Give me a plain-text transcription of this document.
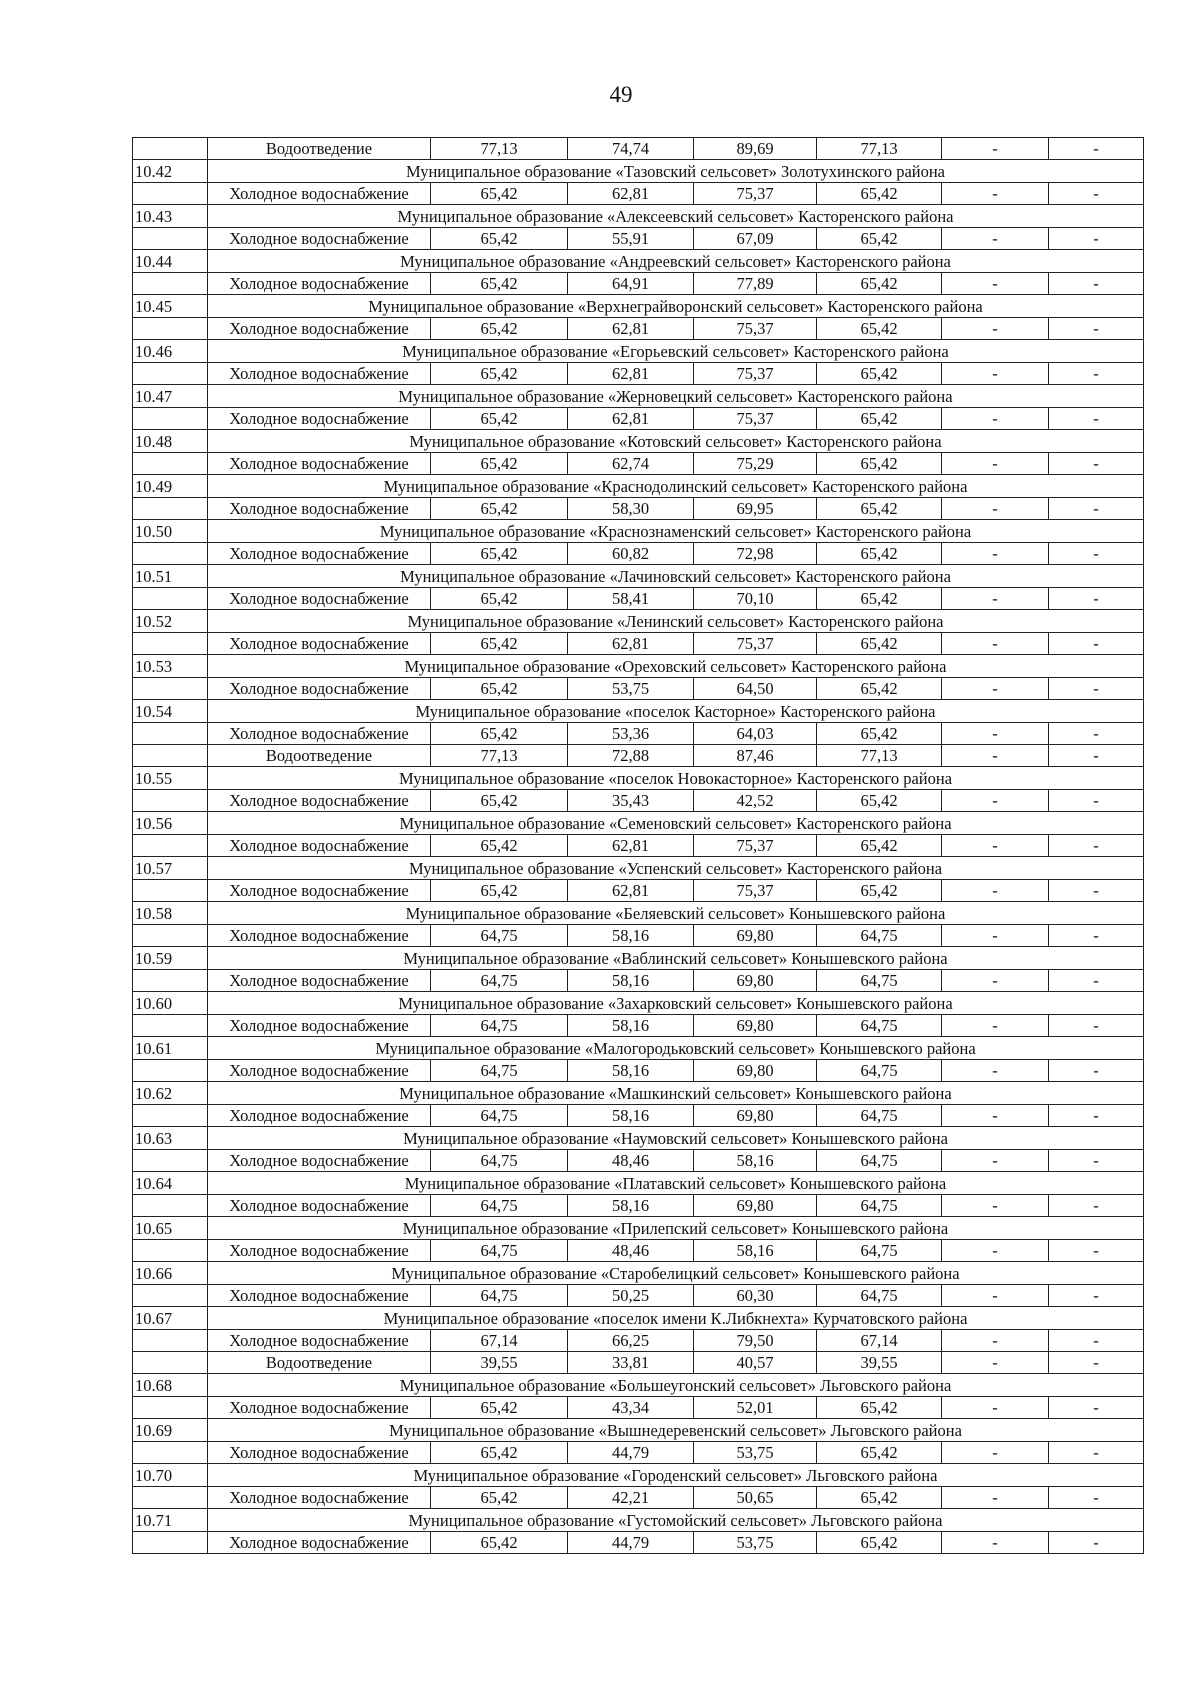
49
	Водоотведение	77,13	74,74	89,69	77,13	-	-
10.42	Муниципальное образование «Тазовский сельсовет» Золотухинского района						
	Холодное водоснабжение	65,42	62,81	75,37	65,42	-	-
10.43	Муниципальное образование «Алексеевский сельсовет» Касторенского района						
	Холодное водоснабжение	65,42	55,91	67,09	65,42	-	-
10.44	Муниципальное образование «Андреевский сельсовет» Касторенского района						
	Холодное водоснабжение	65,42	64,91	77,89	65,42	-	-
10.45	Муниципальное образование «Верхнеграйворонский сельсовет» Касторенского района						
	Холодное водоснабжение	65,42	62,81	75,37	65,42	-	-
10.46	Муниципальное образование «Егорьевский сельсовет» Касторенского района						
	Холодное водоснабжение	65,42	62,81	75,37	65,42	-	-
10.47	Муниципальное образование «Жерновецкий сельсовет» Касторенского района						
	Холодное водоснабжение	65,42	62,81	75,37	65,42	-	-
10.48	Муниципальное образование «Котовский сельсовет» Касторенского района						
	Холодное водоснабжение	65,42	62,74	75,29	65,42	-	-
10.49	Муниципальное образование «Краснодолинский сельсовет» Касторенского района						
	Холодное водоснабжение	65,42	58,30	69,95	65,42	-	-
10.50	Муниципальное образование «Краснознаменский сельсовет» Касторенского района						
	Холодное водоснабжение	65,42	60,82	72,98	65,42	-	-
10.51	Муниципальное образование «Лачиновский сельсовет» Касторенского района						
	Холодное водоснабжение	65,42	58,41	70,10	65,42	-	-
10.52	Муниципальное образование «Ленинский сельсовет» Касторенского района						
	Холодное водоснабжение	65,42	62,81	75,37	65,42	-	-
10.53	Муниципальное образование «Ореховский сельсовет» Касторенского района						
	Холодное водоснабжение	65,42	53,75	64,50	65,42	-	-
10.54	Муниципальное образование «поселок Касторное» Касторенского района						
	Холодное водоснабжение	65,42	53,36	64,03	65,42	-	-
	Водоотведение	77,13	72,88	87,46	77,13	-	-
10.55	Муниципальное образование «поселок Новокасторное» Касторенского района						
	Холодное водоснабжение	65,42	35,43	42,52	65,42	-	-
10.56	Муниципальное образование «Семеновский сельсовет» Касторенского района						
	Холодное водоснабжение	65,42	62,81	75,37	65,42	-	-
10.57	Муниципальное образование «Успенский сельсовет» Касторенского района						
	Холодное водоснабжение	65,42	62,81	75,37	65,42	-	-
10.58	Муниципальное образование «Беляевский сельсовет» Конышевского района						
	Холодное водоснабжение	64,75	58,16	69,80	64,75	-	-
10.59	Муниципальное образование «Ваблинский сельсовет» Конышевского района						
	Холодное водоснабжение	64,75	58,16	69,80	64,75	-	-
10.60	Муниципальное образование «Захарковский сельсовет» Конышевского района						
	Холодное водоснабжение	64,75	58,16	69,80	64,75	-	-
10.61	Муниципальное образование «Малогородьковский сельсовет» Конышевского района						
	Холодное водоснабжение	64,75	58,16	69,80	64,75	-	-
10.62	Муниципальное образование «Машкинский сельсовет» Конышевского района						
	Холодное водоснабжение	64,75	58,16	69,80	64,75	-	-
10.63	Муниципальное образование «Наумовский сельсовет» Конышевского района						
	Холодное водоснабжение	64,75	48,46	58,16	64,75	-	-
10.64	Муниципальное образование «Платавский сельсовет» Конышевского района						
	Холодное водоснабжение	64,75	58,16	69,80	64,75	-	-
10.65	Муниципальное образование «Прилепский сельсовет» Конышевского района						
	Холодное водоснабжение	64,75	48,46	58,16	64,75	-	-
10.66	Муниципальное образование «Старобелицкий сельсовет» Конышевского района						
	Холодное водоснабжение	64,75	50,25	60,30	64,75	-	-
10.67	Муниципальное образование «поселок имени К.Либкнехта» Курчатовского района						
	Холодное водоснабжение	67,14	66,25	79,50	67,14	-	-
	Водоотведение	39,55	33,81	40,57	39,55	-	-
10.68	Муниципальное образование «Большеугонский сельсовет» Льговского района						
	Холодное водоснабжение	65,42	43,34	52,01	65,42	-	-
10.69	Муниципальное образование «Вышнедеревенский сельсовет» Льговского района						
	Холодное водоснабжение	65,42	44,79	53,75	65,42	-	-
10.70	Муниципальное образование «Городенский сельсовет» Льговского района						
	Холодное водоснабжение	65,42	42,21	50,65	65,42	-	-
10.71	Муниципальное образование «Густомойский сельсовет» Льговского района						
	Холодное водоснабжение	65,42	44,79	53,75	65,42	-	-
